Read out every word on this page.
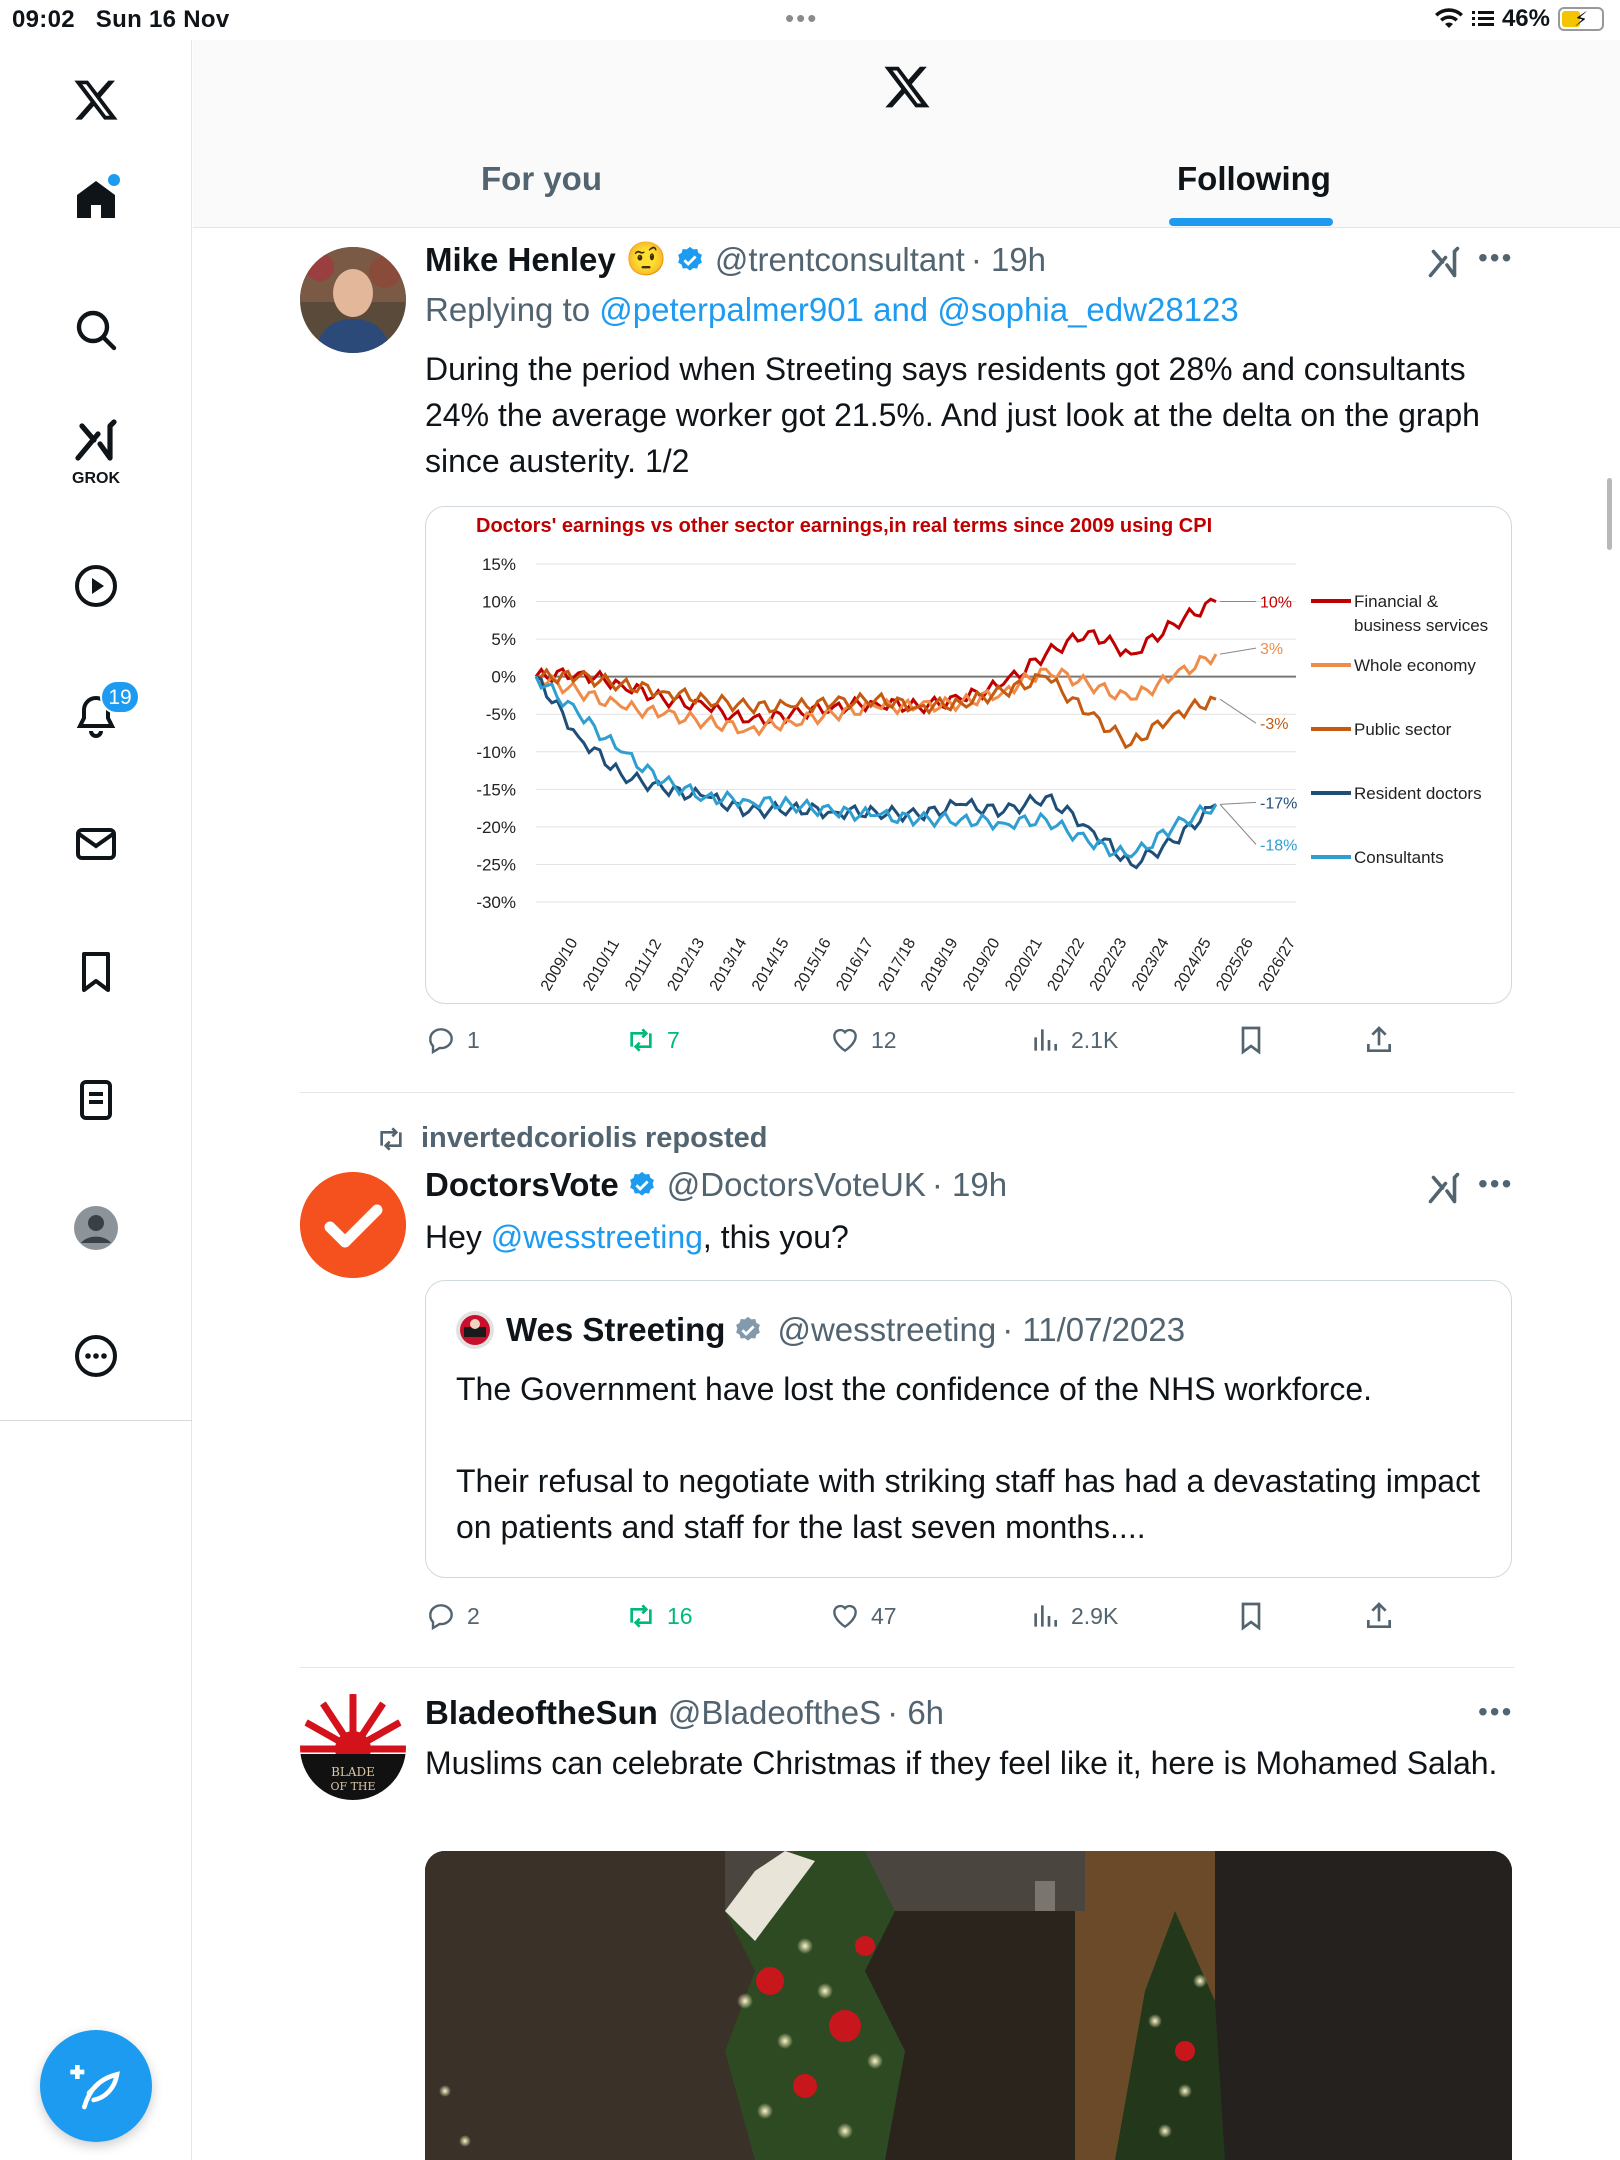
09:02 Sun 16 Nov	•••	46% ⚡
GROK
19
For you	Following
Mike Henley 🤨 @trentconsultant · 19h	•••
Replying to @peterpalmer901 and @sophia_edw28123
During the period when Streeting says residents got 28% and consultants 24% the average worker got 21.5%. And just look at the delta on the graph since austerity. 1/2
Doctors' earnings vs other sector earnings,in real terms since 2009 using CPI
15%
10%
5%
0%
-5%
-10%
-15%
-20%
-25%
-30%
2009/10
2010/11 2011/12 2012/13
2013/14
2014/15
2015/16
2016/17
2017/18
2018/19
2019/20
2020/21
2021/22
2022/23
2023/24
2024/25
2025/26
2026/27
10%	Financial &
business services
3%
Whole economy
-3%	Public sector
-17%
Resident doctors
-18%
Consultants
1	7	12	2.1K
invertedcoriolis reposted
DoctorsVote @DoctorsVoteUK · 19h	•••
Hey @wesstreeting, this you?
Wes Streeting @wesstreeting · 11/07/2023
The Government have lost the confidence of the NHS workforce.

Their refusal to negotiate with striking staff has had a devastating impact on patients and staff for the last seven months....
2	16	47	2.9K
BLADE
OF THE
BladeoftheSun @BladeoftheS · 6h	•••
Muslims can celebrate Christmas if they feel like it, here is Mohamed Salah.
